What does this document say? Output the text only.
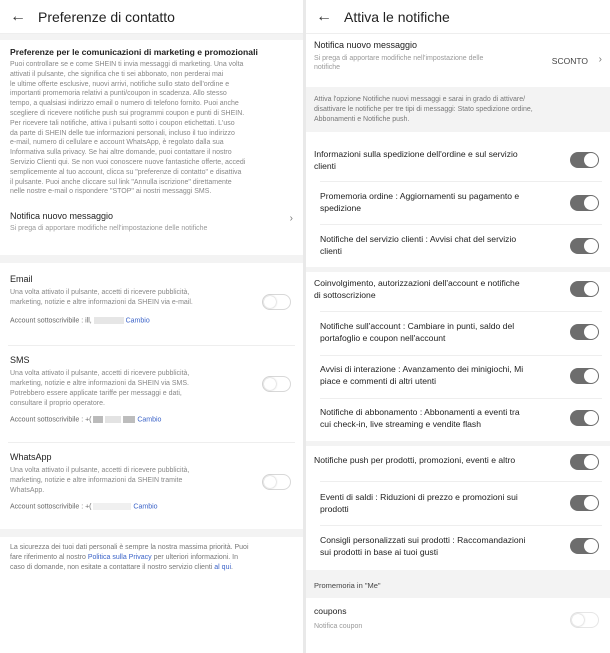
← Preferenze di contatto
Preferenze per le comunicazioni di marketing e promozionali
Puoi controllare se e come SHEIN ti invia messaggi di marketing. Una volta
attivati il pulsante, che significa che ti sei abbonato, non perderai mai
le ultime offerte esclusive, nuovi arrivi, notifiche sullo stato dell'ordine e
importanti promemoria relativi a punti/coupon in scadenza. Allo stesso
tempo, a qualsiasi indirizzo email o numero di telefono fornito. Puoi anche
scegliere di ricevere notifiche push sui programmi coupon e punti di SHEIN.
Per ricevere tali notifiche, attiva i pulsanti sotto i coupon etichettati. L'uso
da parte di SHEIN delle tue informazioni personali, incluso il tuo indirizzo
e-mail, numero di cellulare e account WhatsApp, è regolato dalla sua
Informativa sulla privacy. Se hai altre domande, puoi contattare il nostro
Servizio Clienti qui. Se non vuoi conoscere nuove fantastiche offerte, accedi
semplicemente al tuo account, clicca su "preferenze di contatto" e disattiva
il pulsante. Puoi anche cliccare sul link "Annulla iscrizione" direttamente
nelle nostre e-mail o rispondere "STOP" ai nostri messaggi SMS.
Notifica nuovo messaggio
Si prega di apportare modifiche nell'impostazione delle notifiche
›
Email
Una volta attivato il pulsante, accetti di ricevere pubblicità,
marketing, notizie e altre informazioni da SHEIN via e-mail.
Account sottoscrivibile : ill,	Cambio
SMS
Una volta attivato il pulsante, accetti di ricevere pubblicità,
marketing, notizie e altre informazioni da SHEIN via SMS.
Potrebbero essere applicate tariffe per messaggi e dati,
consultare il proprio operatore.
Account sottoscrivibile : +(	Cambio
WhatsApp
Una volta attivato il pulsante, accetti di ricevere pubblicità,
marketing, notizie e altre informazioni da SHEIN tramite
WhatsApp.
Account sottoscrivibile : +(	Cambio
La sicurezza dei tuoi dati personali è sempre la nostra massima priorità. Puoi
fare riferimento al nostro Politica sulla Privacy per ulteriori informazioni. In
caso di domande, non esitate a contattare il nostro servizio clienti al qui.
← Attiva le notifiche
Notifica nuovo messaggio
Si prega di apportare modifiche nell'impostazione delle
notifiche
SCONTO ›
Attiva l'opzione Notifiche nuovi messaggi e sarai in grado di attivare/
disattivare le notifiche per tre tipi di messaggi: Stato spedizione ordine,
Abbonamenti e Notifiche push.
Informazioni sulla spedizione dell'ordine e sul servizio
clienti
Promemoria ordine : Aggiornamenti su pagamento e
spedizione
Notifiche del servizio clienti : Avvisi chat del servizio
clienti
Coinvolgimento, autorizzazioni dell'account e notifiche
di sottoscrizione
Notifiche sull'account : Cambiare in punti, saldo del
portafoglio e coupon nell'account
Avvisi di interazione : Avanzamento dei minigiochi, Mi
piace e commenti di altri utenti
Notifiche di abbonamento : Abbonamenti a eventi tra
cui check-in, live streaming e vendite flash
Notifiche push per prodotti, promozioni, eventi e altro
Eventi di saldi : Riduzioni di prezzo e promozioni sui
prodotti
Consigli personalizzati sui prodotti : Raccomandazioni
sui prodotti in base ai tuoi gusti
Promemoria in "Me"
coupons
Notifica coupon
